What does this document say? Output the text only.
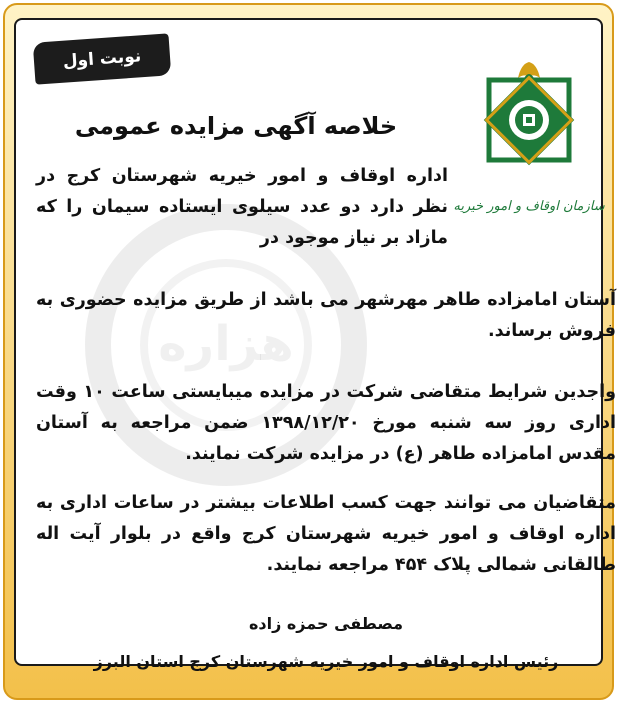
هزاره
نوبت اول
سازمان اوقاف و امور خیریه
خلاصه آگهی مزایده عمومی
اداره اوقاف و امور خیریه شهرستان کرج در نظر دارد دو عدد سیلوی ایستاده سیمان را که مازاد بر نیاز موجود در
آستان امامزاده طاهر مهرشهر می باشد از طریق مزایده حضوری به فروش برساند.
واجدین شرایط متقاضی شرکت در مزایده میبایستی ساعت ۱۰ وقت اداری روز سه شنبه مورخ ۱۳۹۸/۱۲/۲۰ ضمن مراجعه به آستان مقدس امامزاده طاهر (ع) در مزایده شرکت نمایند.
متقاضیان می توانند جهت کسب اطلاعات بیشتر در ساعات اداری به اداره اوقاف و امور خیریه شهرستان کرج واقع در بلوار آیت اله طالقانی شمالی پلاک ۴۵۴ مراجعه نمایند.
مصطفی حمزه زاده
رئیس اداره اوقاف و امور خیریه شهرستان کرج استان البرز
